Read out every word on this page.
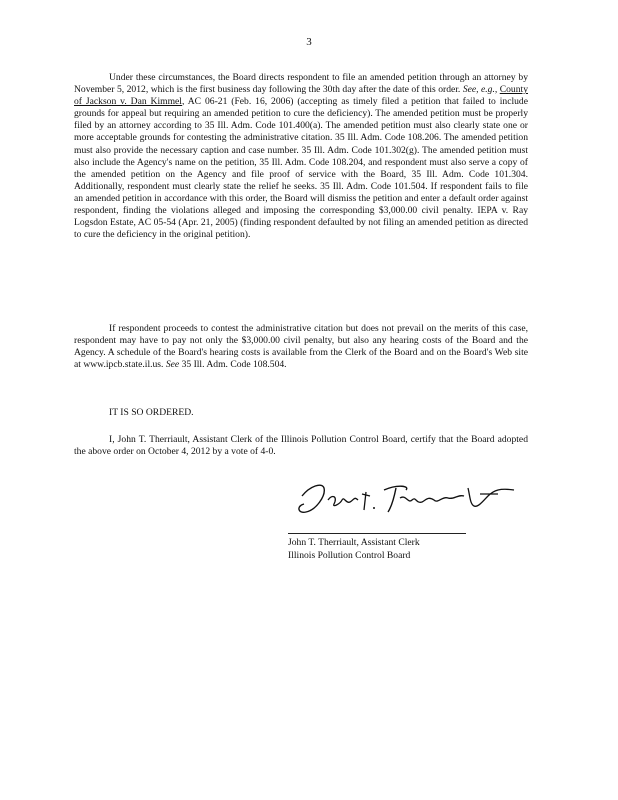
3

Under these circumstances, the Board directs respondent to file an amended petition through an attorney by November 5, 2012, which is the first business day following the 30th day after the date of this order. See, e.g., County of Jackson v. Dan Kimmel, AC 06-21 (Feb. 16, 2006) (accepting as timely filed a petition that failed to include grounds for appeal but requiring an amended petition to cure the deficiency). The amended petition must be properly filed by an attorney according to 35 Ill. Adm. Code 101.400(a). The amended petition must also clearly state one or more acceptable grounds for contesting the administrative citation. 35 Ill. Adm. Code 108.206. The amended petition must also provide the necessary caption and case number. 35 Ill. Adm. Code 101.302(g). The amended petition must also include the Agency's name on the petition, 35 Ill. Adm. Code 108.204, and respondent must also serve a copy of the amended petition on the Agency and file proof of service with the Board, 35 Ill. Adm. Code 101.304. Additionally, respondent must clearly state the relief he seeks. 35 Ill. Adm. Code 101.504. If respondent fails to file an amended petition in accordance with this order, the Board will dismiss the petition and enter a default order against respondent, finding the violations alleged and imposing the corresponding $3,000.00 civil penalty. IEPA v. Ray Logsdon Estate, AC 05-54 (Apr. 21, 2005) (finding respondent defaulted by not filing an amended petition as directed to cure the deficiency in the original petition).

If respondent proceeds to contest the administrative citation but does not prevail on the merits of this case, respondent may have to pay not only the $3,000.00 civil penalty, but also any hearing costs of the Board and the Agency. A schedule of the Board's hearing costs is available from the Clerk of the Board and on the Board's Web site at www.ipcb.state.il.us. See 35 Ill. Adm. Code 108.504.

IT IS SO ORDERED.

I, John T. Therriault, Assistant Clerk of the Illinois Pollution Control Board, certify that the Board adopted the above order on October 4, 2012 by a vote of 4-0.

John T. Therriault, Assistant Clerk
Illinois Pollution Control Board
